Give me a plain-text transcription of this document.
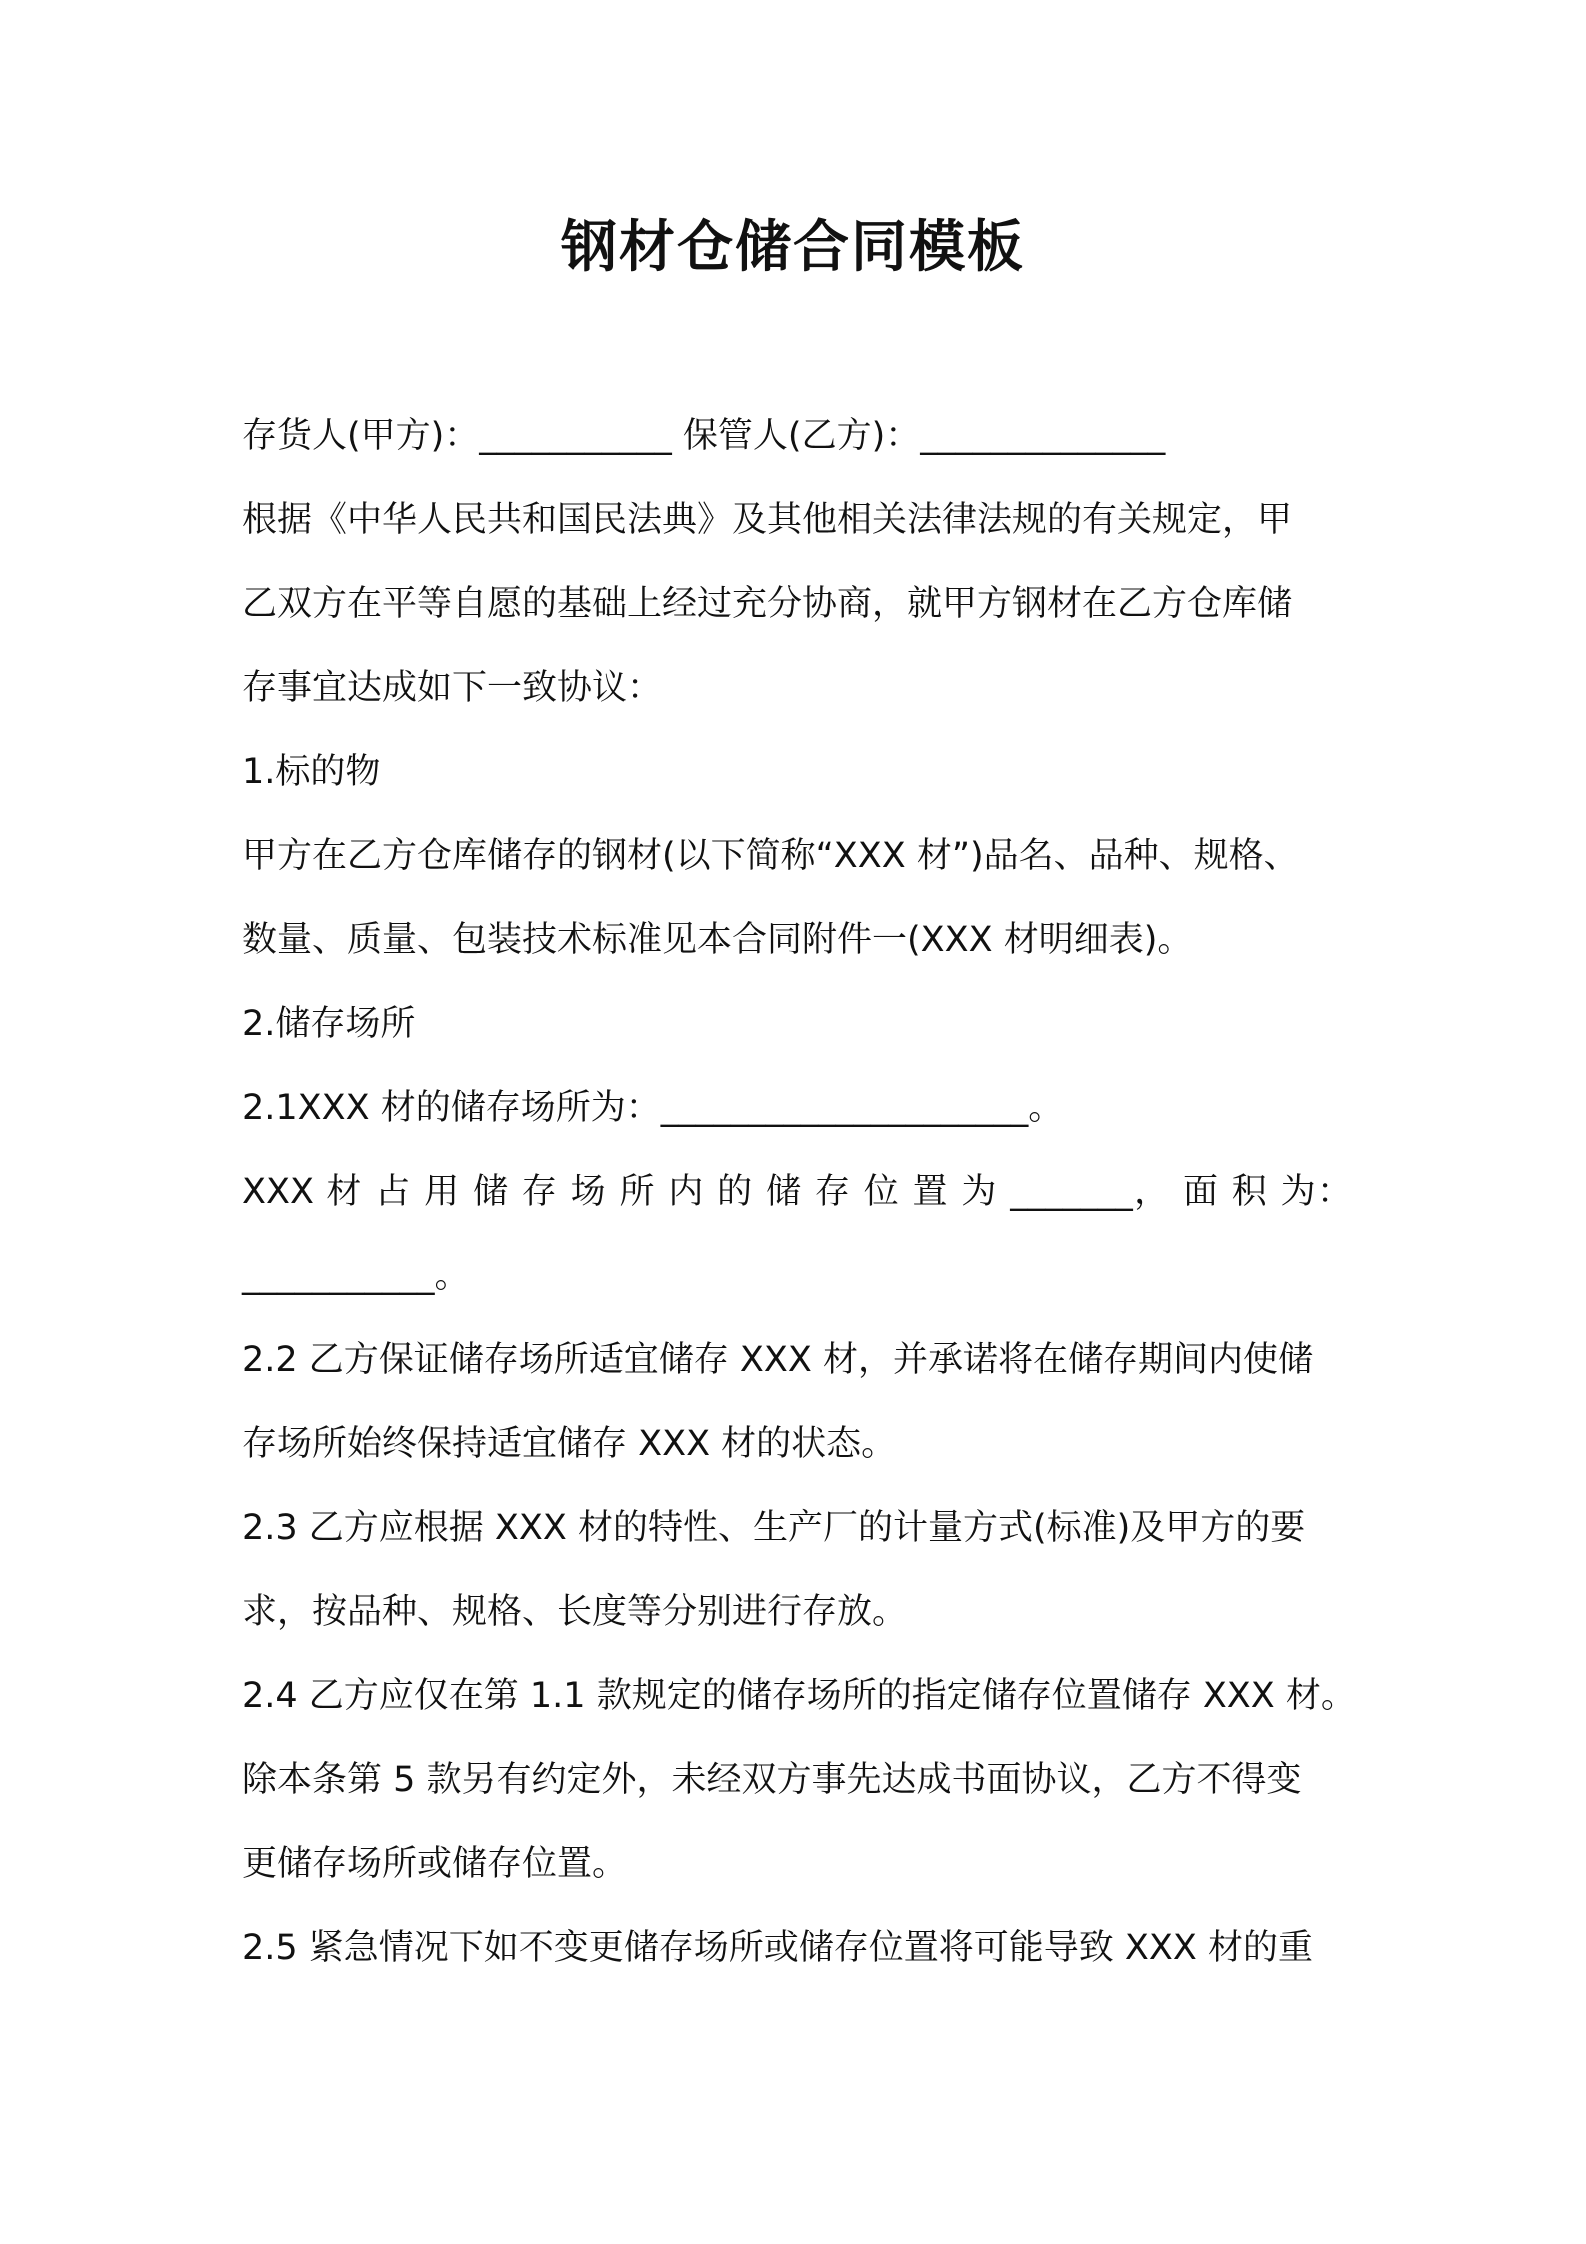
钢材仓储合同模板
存货人(甲方)：___________ 保管人(乙方)：______________
根据《中华人民共和国民法典》及其他相关法律法规的有关规定，甲
乙双方在平等自愿的基础上经过充分协商，就甲方钢材在乙方仓库储
存事宜达成如下一致协议：
1.标的物
甲方在乙方仓库储存的钢材(以下简称“XXX 材”)品名、品种、规格、
数量、质量、包装技术标准见本合同附件一(XXX 材明细表)。
2.储存场所
2.1XXX 材的储存场所为：_____________________。
XXX 材 占 用 储 存 场 所 内 的 储 存 位 置 为 _______， 面 积 为：
___________。
2.2 乙方保证储存场所适宜储存 XXX 材，并承诺将在储存期间内使储
存场所始终保持适宜储存 XXX 材的状态。
2.3 乙方应根据 XXX 材的特性、生产厂的计量方式(标准)及甲方的要
求，按品种、规格、长度等分别进行存放。
2.4 乙方应仅在第 1.1 款规定的储存场所的指定储存位置储存 XXX 材。
除本条第 5 款另有约定外，未经双方事先达成书面协议，乙方不得变
更储存场所或储存位置。
2.5 紧急情况下如不变更储存场所或储存位置将可能导致 XXX 材的重
